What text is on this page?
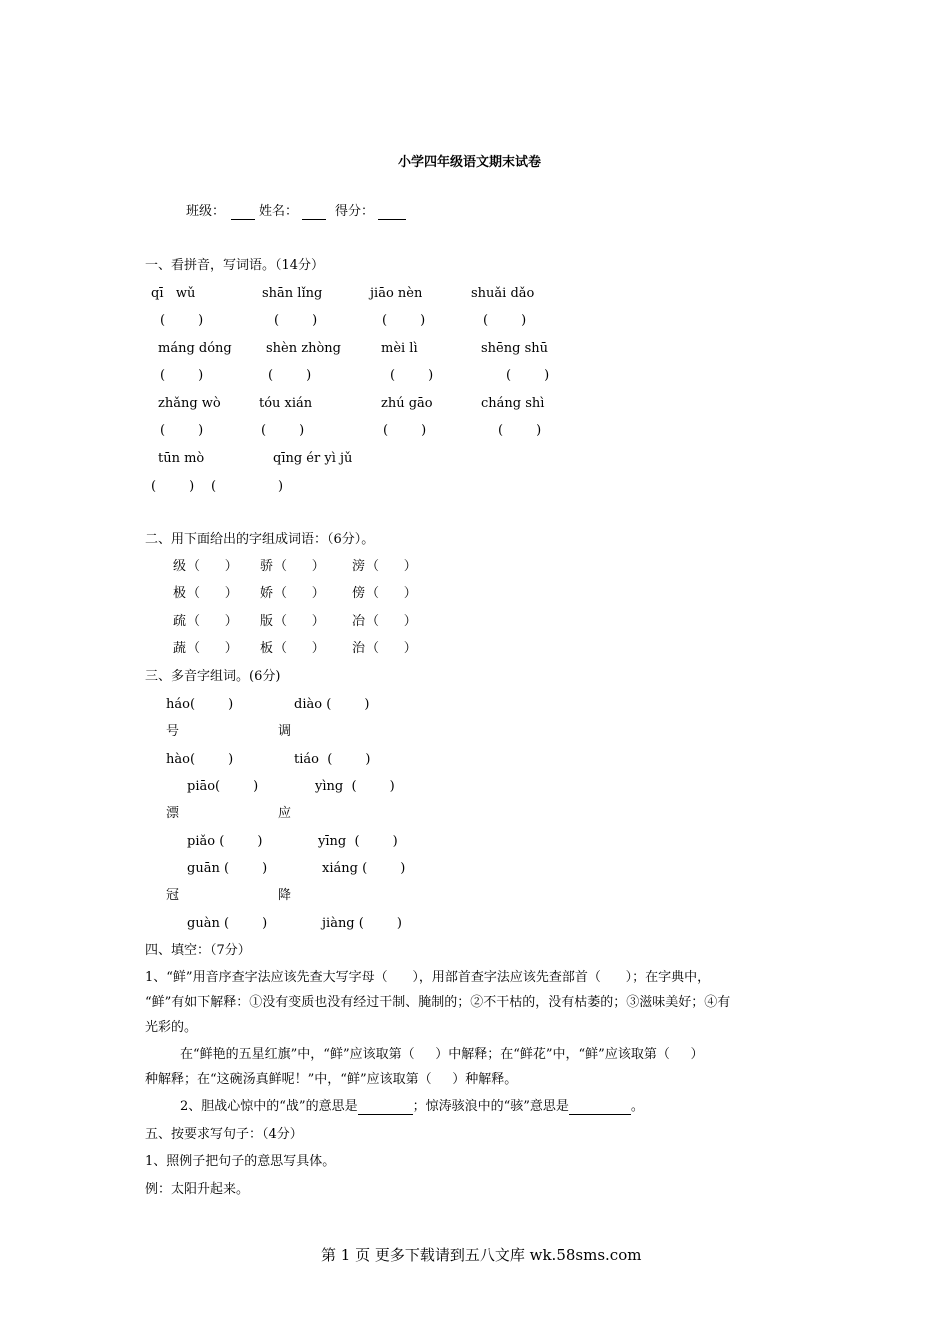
小学四年级语文期末试卷
班级：	姓名：	得分：
一、看拼音，写词语。（14分）
qī   wǔ	shān lǐng	jiāo nèn	shuǎi dǎo
(        )	(        )	(        )	(        )
máng dóng	shèn zhòng	mèi lì	shēng shū
(        )	(        )	(        )	(        )
zhǎng wò	tóu xián	zhú gāo	cháng shì
(        )	(        )	(        )	(        )
tūn mò	qīng ér yì jǔ
(        ) (               )
二、用下面给出的字组成词语：（6分）。
级 （      ） 骄 （      ） 滂 （      ）
极 （      ） 娇 （      ） 傍 （      ）
疏 （      ） 版 （      ） 冶 （      ）
蔬 （      ） 板 （      ） 治 （      ）
三、多音字组词。(6分)
háo(        )	diào (        )
号	调
hào(        )	tiáo  (        )
piāo(        )	yìng  (        )
漂	应
piǎo (        )	yīng  (        )
guān (        )	xiáng (        )
冠	降
guàn (        )	jiàng (        )
四、填空：（7分）
1、“鲜”用音序查字法应该先查大写字母（      ），用部首查字法应该先查部首（      ）；在字典中，
“鲜”有如下解释：①没有变质也没有经过干制、腌制的；②不干枯的，没有枯萎的；③滋味美好；④有
光彩的。
在“鲜艳的五星红旗”中，“鲜”应该取第（     ）中解释；在“鲜花”中，“鲜”应该取第（     ）
种解释；在“这碗汤真鲜呢！”中，“鲜”应该取第（     ）种解释。
2、胆战心惊中的“战”的意思是	；惊涛骇浪中的“骇”意思是	。
五、按要求写句子：（4分）
1、照例子把句子的意思写具体。
例：太阳升起来。
第 1 页 更多下载请到五八文库 wk.58sms.com
